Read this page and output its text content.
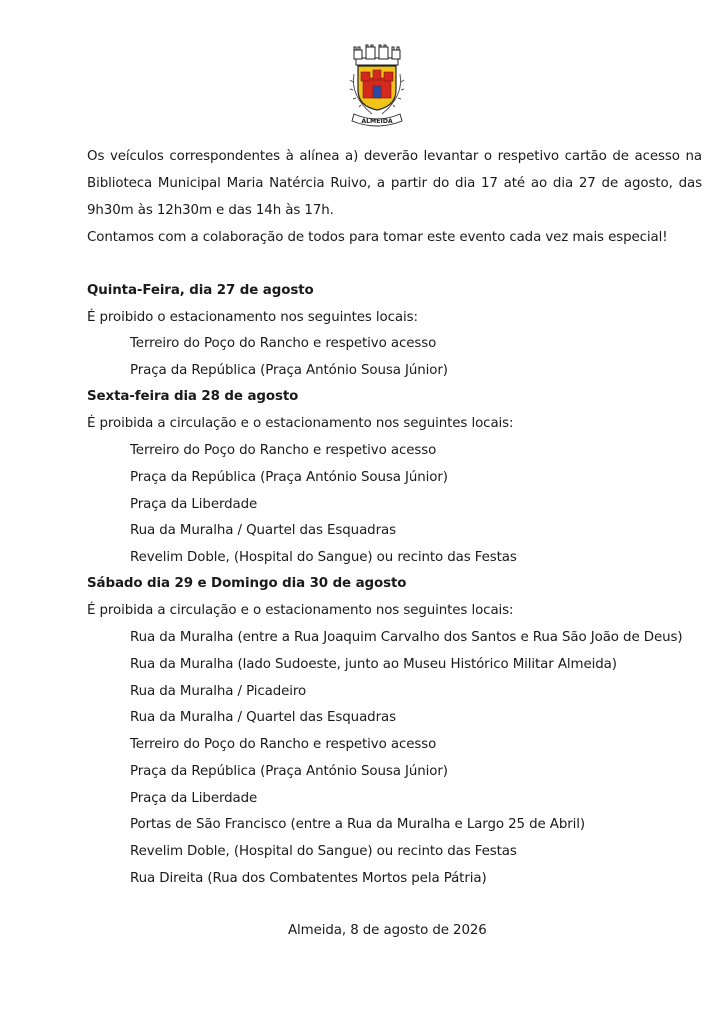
ALMEIDA
Os veículos correspondentes à alínea a) deverão levantar o respetivo cartão de acesso na
Biblioteca Municipal Maria Natércia Ruivo, a partir do dia 17 até ao dia 27 de agosto, das
9h30m às 12h30m e das 14h às 17h.
Contamos com a colaboração de todos para tomar este evento cada vez mais especial!
Quinta-Feira, dia 27 de agosto
É proibido o estacionamento nos seguintes locais:
Terreiro do Poço do Rancho e respetivo acesso
Praça da República (Praça António Sousa Júnior)
Sexta-feira dia 28 de agosto
É proibida a circulação e o estacionamento nos seguintes locais:
Terreiro do Poço do Rancho e respetivo acesso
Praça da República (Praça António Sousa Júnior)
Praça da Liberdade
Rua da Muralha / Quartel das Esquadras
Revelim Doble, (Hospital do Sangue) ou recinto das Festas
Sábado dia 29 e Domingo dia 30 de agosto
É proibida a circulação e o estacionamento nos seguintes locais:
Rua da Muralha (entre a Rua Joaquim Carvalho dos Santos e Rua São João de Deus)
Rua da Muralha (lado Sudoeste, junto ao Museu Histórico Militar Almeida)
Rua da Muralha / Picadeiro
Rua da Muralha / Quartel das Esquadras
Terreiro do Poço do Rancho e respetivo acesso
Praça da República (Praça António Sousa Júnior)
Praça da Liberdade
Portas de São Francisco (entre a Rua da Muralha e Largo 25 de Abril)
Revelim Doble, (Hospital do Sangue) ou recinto das Festas
Rua Direita (Rua dos Combatentes Mortos pela Pátria)
Almeida, 8 de agosto de 2026
